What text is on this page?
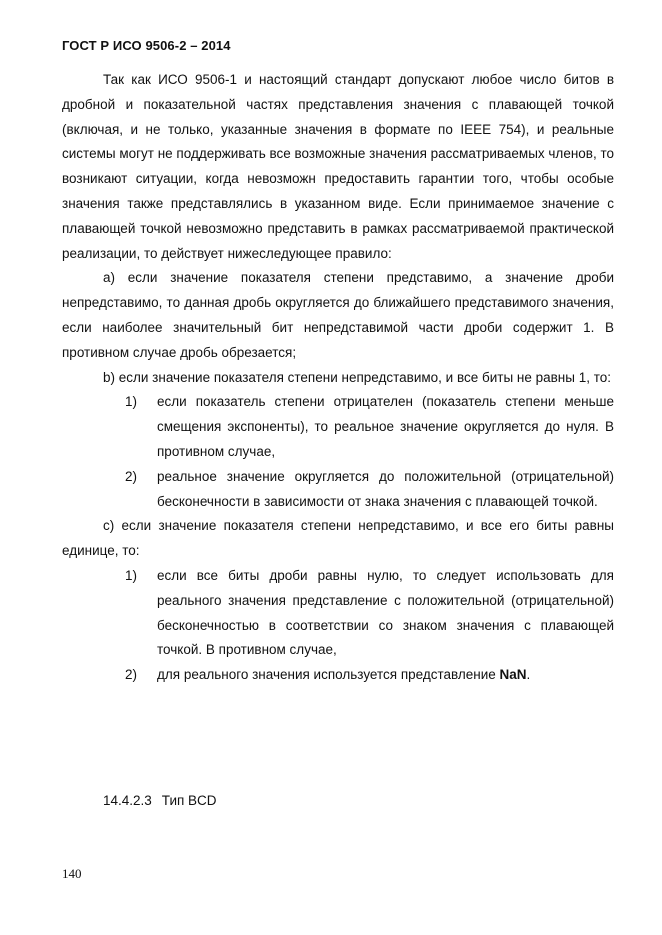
ГОСТ Р ИСО 9506-2 – 2014

Так как ИСО 9506-1 и настоящий стандарт допускают любое число битов в дробной и показательной частях представления значения с плавающей точкой (включая, и не только, указанные значения в формате по IEEE 754), и реальные системы могут не поддерживать все возможные значения рассматриваемых членов, то возникают ситуации, когда невозможн предоставить гарантии того, чтобы особые значения также представлялись в указанном виде. Если принимаемое значение с плавающей точкой невозможно представить в рамках рассматриваемой практической реализации, то действует нижеследующее правило:

а) если значение показателя степени представимо, а значение дроби непредставимо, то данная дробь округляется до ближайшего представимого значения, если наиболее значительный бит непредставимой части дроби содержит 1. В противном случае дробь обрезается;

b) если значение показателя степени непредставимо, и все биты не равны 1, то:

1) если показатель степени отрицателен (показатель степени меньше смещения экспоненты), то реальное значение округляется до нуля. В противном случае,
2) реальное значение округляется до положительной (отрицательной) бесконечности в зависимости от знака значения с плавающей точкой.

c) если значение показателя степени непредставимо, и все его биты равны единице, то:

1) если все биты дроби равны нулю, то следует использовать для реального значения представление с положительной (отрицательной) бесконечностью в соответствии со знаком значения с плавающей точкой. В противном случае,
2) для реального значения используется представление NaN.
14.4.2.3 Тип BCD
140
